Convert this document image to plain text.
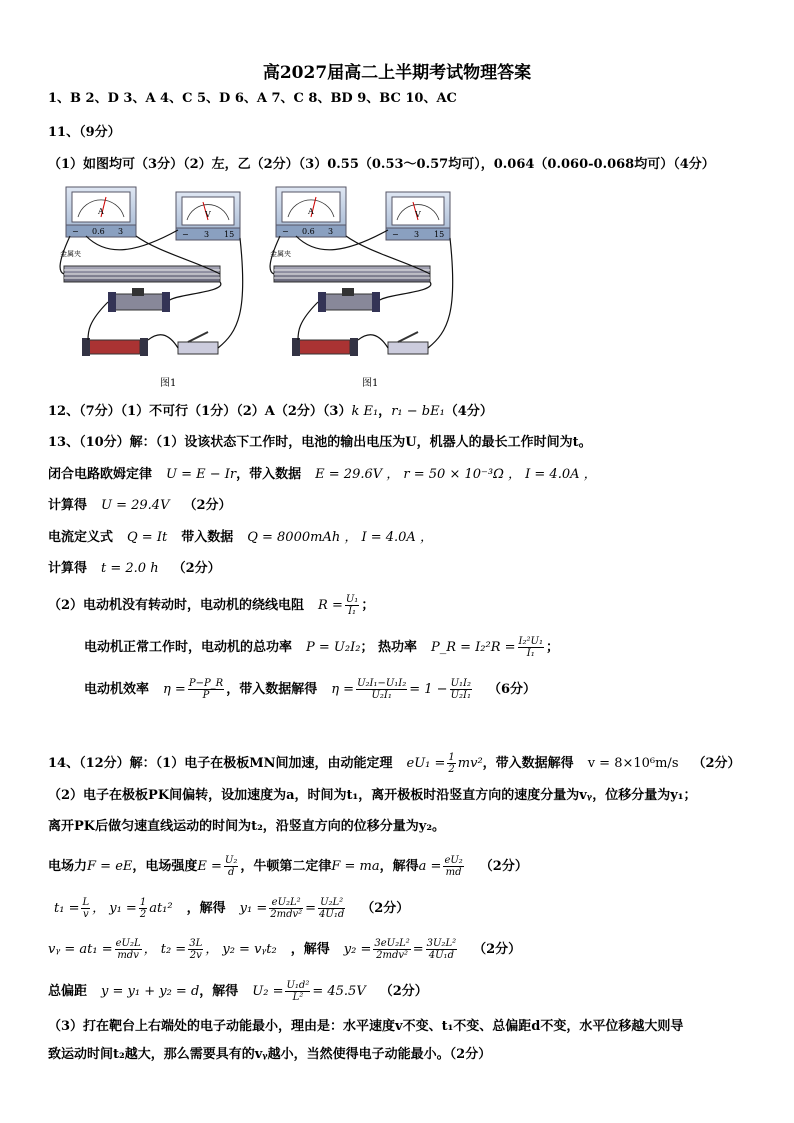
高2027届高二上半期考试物理答案
1、B 2、D 3、A 4、C 5、D 6、A 7、C 8、BD 9、BC 10、AC
11、（9分）
（1）如图均可（3分）（2）左，乙（2分）（3）0.55（0.53～0.57均可），0.064（0.060-0.068均可）（4分）
A
− 0.6 3
V
− 3 15
金属夹
A
− 0.6 3
V
− 3 15
金属夹
图1	图1
12、（7分）（1）不可行（1分）（2）A（2分）（3）k E₁，r₁ − bE₁（4分）
13、（10分）解：（1）设该状态下工作时，电池的输出电压为U，机器人的最长工作时间为t。
闭合电路欧姆定律 U = E − Ir，带入数据 E = 29.6V ， r = 50 × 10⁻³Ω ， I = 4.0A ，
计算得 U = 29.4V （2分）
电流定义式 Q = It 带入数据 Q = 8000mAh ， I = 4.0A ，
计算得 t = 2.0 h （2分）
（2）电动机没有转动时，电动机的绕线电阻 $R = \frac{\text{U₁}}{\text{I₁}}$ ；
电动机正常工作时，电动机的总功率 P = U₂I₂； 热功率 P_R = $I_2^2R = \frac{\text{I₂²U₁}}{\text{I₁}}$ ；
电动机效率 $\eta = \frac{P-P\_R}{P}$ ，带入数据解得 $\eta = \frac{\text{U₂I₁−U₁I₂}}{\text{U₂I₁}} = 1 - \frac{\text{U₁I₂}}{\text{U₂I₁}} (6$分）
14、（12分）解：（1）电子在极板MN间加速，由动能定理 $eU_1 = \frac{1}{2} mv^2$，带入数据解得 v = 8×10⁶m/s （2分）
（2）电子在极板PK间偏转，设加速度为a，时间为t₁，离开极板时沿竖直方向的速度分量为vᵧ，位移分量为y₁；
离开PK后做匀速直线运动的时间为t₂，沿竖直方向的位移分量为y₂。
电场力F = eE，电场强度$E = \frac{\text{U₂}}{d}$ ，牛顿第二定律F = ma，解得$a = \frac{\text{eU₂}}{md} (2$分）
$t_1 = \frac{L}{v}$ ， $y_1 = \frac{1}{2} at_1^2$ ，解得 $y_1 = \frac{\text{eU₂L²}}{\text{2mdv²}} = \frac{\text{U₂L²}}{\text{4U₁d}} (2$分）
vᵧ = $at_1 = \frac{\text{eU₂L}}{\text{mdv}}$ ， $t_2 = \frac{3L}{2v}$ ， y₂ = vᵧt₂ ，解得 $y_2 = \frac{\text{3eU₂L²}}{\text{2mdv²}} = \frac{\text{3U₂L²}}{\text{4U₁d}} (2$分）
总偏距 y = y₁ + y₂ = d，解得 $U_2 = \frac{\text{U₁d²}}{\text{L²}} = 45.5V$ （2分）
（3）打在靶台上右端处的电子动能最小，理由是：水平速度v不变、t₁不变、总偏距d不变，水平位移越大则导
致运动时间t₂越大，那么需要具有的vᵧ越小，当然使得电子动能最小。（2分）
